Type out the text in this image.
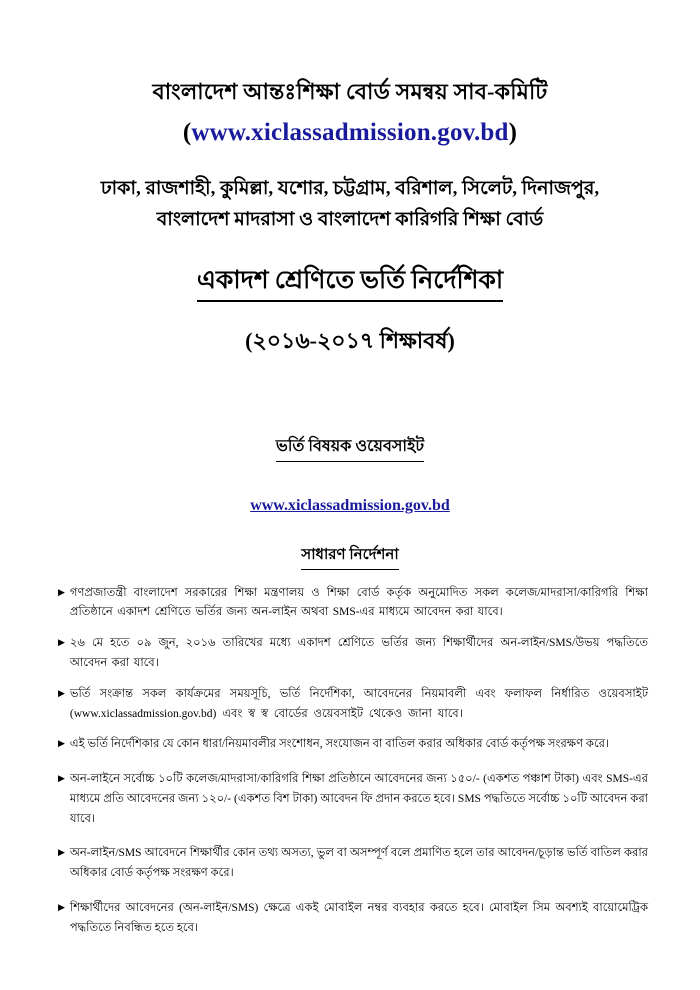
বাংলাদেশ আন্তঃশিক্ষা বোর্ড সমন্বয় সাব-কমিটি
(www.xiclassadmission.gov.bd)
ঢাকা, রাজশাহী, কুমিল্লা, যশোর, চট্টগ্রাম, বরিশাল, সিলেট, দিনাজপুর,
বাংলাদেশ মাদরাসা ও বাংলাদেশ কারিগরি শিক্ষা বোর্ড
একাদশ শ্রেণিতে ভর্তি নির্দেশিকা
(২০১৬-২০১৭ শিক্ষাবর্ষ)
ভর্তি বিষয়ক ওয়েবসাইট
www.xiclassadmission.gov.bd
সাধারণ নির্দেশনা
▶ গণপ্রজাতন্ত্রী বাংলাদেশ সরকারের শিক্ষা মন্ত্রণালয় ও শিক্ষা বোর্ড কর্তৃক অনুমোদিত সকল কলেজ/মাদরাসা/কারিগরি শিক্ষা প্রতিষ্ঠানে একাদশ শ্রেণিতে ভর্তির জন্য অন-লাইন অথবা SMS-এর মাধ্যমে আবেদন করা যাবে।
▶ ২৬ মে হতে ০৯ জুন, ২০১৬ তারিখের মধ্যে একাদশ শ্রেণিতে ভর্তির জন্য শিক্ষার্থীদের অন-লাইন/SMS/উভয় পদ্ধতিতে আবেদন করা যাবে।
▶ ভর্তি সংক্রান্ত সকল কার্যক্রমের সময়সূচি, ভর্তি নির্দেশিকা, আবেদনের নিয়মাবলী এবং ফলাফল নির্ধারিত ওয়েবসাইট (www.xiclassadmission.gov.bd) এবং স্ব স্ব বোর্ডের ওয়েবসাইট থেকেও জানা যাবে।
▶ এই ভর্তি নির্দেশিকার যে কোন ধারা/নিয়মাবলীর সংশোধন, সংযোজন বা বাতিল করার অধিকার বোর্ড কর্তৃপক্ষ সংরক্ষণ করে।
▶ অন-লাইনে সর্বোচ্চ ১০টি কলেজ/মাদরাসা/কারিগরি শিক্ষা প্রতিষ্ঠানে আবেদনের জন্য ১৫০/- (একশত পঞ্চাশ টাকা) এবং SMS-এর মাধ্যমে প্রতি আবেদনের জন্য ১২০/- (একশত বিশ টাকা) আবেদন ফি প্রদান করতে হবে। SMS পদ্ধতিতে সর্বোচ্চ ১০টি আবেদন করা যাবে।
▶ অন-লাইন/SMS আবেদনে শিক্ষার্থীর কোন তথ্য অসত্য, ভুল বা অসম্পূর্ণ বলে প্রমাণিত হলে তার আবেদন/চূড়ান্ত ভর্তি বাতিল করার অধিকার বোর্ড কর্তৃপক্ষ সংরক্ষণ করে।
▶ শিক্ষার্থীদের আবেদনের (অন-লাইন/SMS) ক্ষেত্রে একই মোবাইল নম্বর ব্যবহার করতে হবে। মোবাইল সিম অবশ্যই বায়োমেট্রিক পদ্ধতিতে নিবন্ধিত হতে হবে।
